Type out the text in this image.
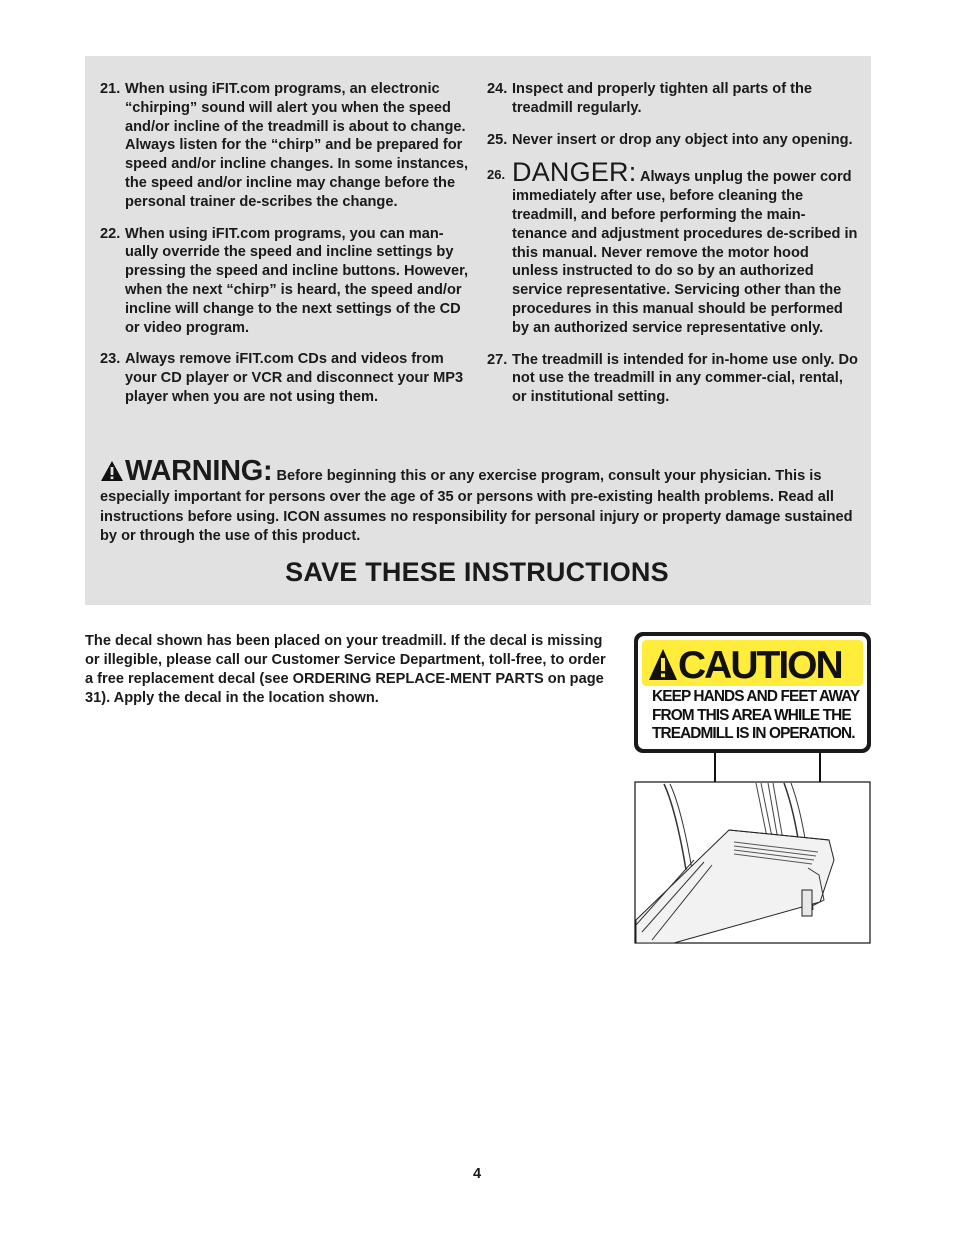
21. When using iFIT.com programs, an electronic “chirping” sound will alert you when the speed and/or incline of the treadmill is about to change. Always listen for the “chirp” and be prepared for speed and/or incline changes. In some instances, the speed and/or incline may change before the personal trainer de-scribes the change.
22. When using iFIT.com programs, you can man-ually override the speed and incline settings by pressing the speed and incline buttons. However, when the next “chirp” is heard, the speed and/or incline will change to the next settings of the CD or video program.
23. Always remove iFIT.com CDs and videos from your CD player or VCR and disconnect your MP3 player when you are not using them.
24. Inspect and properly tighten all parts of the treadmill regularly.
25. Never insert or drop any object into any opening.
26. DANGER: Always unplug the power cord immediately after use, before cleaning the treadmill, and before performing the main-tenance and adjustment procedures de-scribed in this manual. Never remove the motor hood unless instructed to do so by an authorized service representative. Servicing other than the procedures in this manual should be performed by an authorized service representative only.
27. The treadmill is intended for in-home use only. Do not use the treadmill in any commer-cial, rental, or institutional setting.
WARNING: Before beginning this or any exercise program, consult your physician. This is especially important for persons over the age of 35 or persons with pre-existing health problems. Read all instructions before using. ICON assumes no responsibility for personal injury or property damage sustained by or through the use of this product.
SAVE THESE INSTRUCTIONS
The decal shown has been placed on your treadmill. If the decal is missing or illegible, please call our Customer Service Department, toll-free, to order a free replacement decal (see ORDERING REPLACE-MENT PARTS on page 31). Apply the decal in the location shown.
CAUTION
KEEP HANDS AND FEET AWAY FROM THIS AREA WHILE THE TREADMILL IS IN OPERATION.
4
